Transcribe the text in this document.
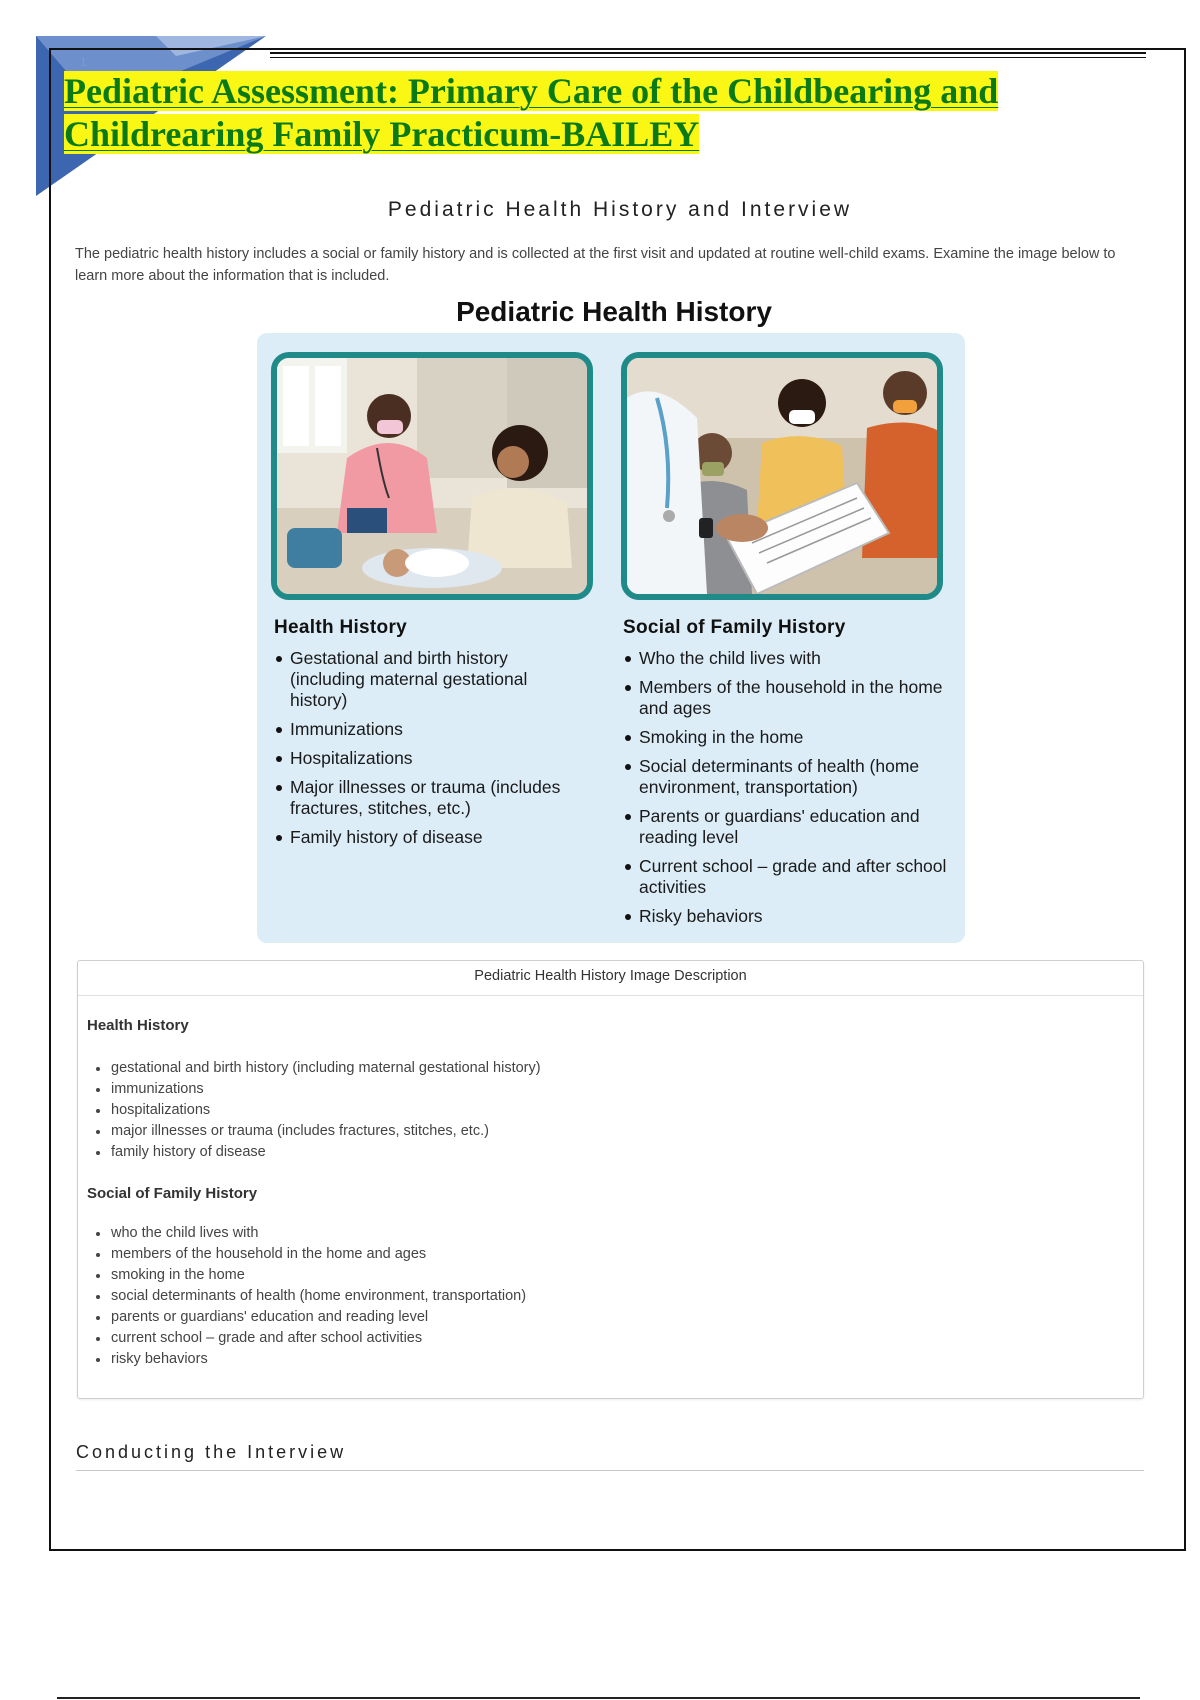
1
Pediatric Assessment: Primary Care of the Childbearing and Childrearing Family Practicum-BAILEY
Pediatric Health History and Interview

The pediatric health history includes a social or family history and is collected at the first visit and updated at routine well-child exams. Examine the image below to learn more about the information that is included.

Pediatric Health History
Health History
Gestational and birth history (including maternal gestational history)
Immunizations
Hospitalizations
Major illnesses or trauma (includes fractures, stitches, etc.)
Family history of disease
Social of Family History
Who the child lives with
Members of the household in the home and ages
Smoking in the home
Social determinants of health (home environment, transportation)
Parents or guardians' education and reading level
Current school – grade and after school activities
Risky behaviors
Pediatric Health History Image Description
Health History
gestational and birth history (including maternal gestational history)
immunizations
hospitalizations
major illnesses or trauma (includes fractures, stitches, etc.)
family history of disease
Social of Family History
who the child lives with
members of the household in the home and ages
smoking in the home
social determinants of health (home environment, transportation)
parents or guardians' education and reading level
current school – grade and after school activities
risky behaviors
Conducting the Interview
